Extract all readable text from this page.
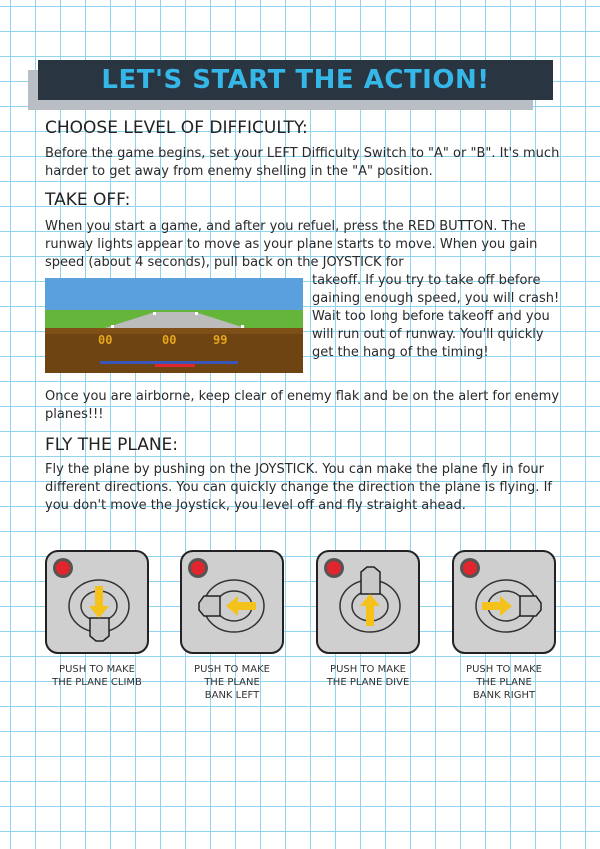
LET'S START THE ACTION!
CHOOSE LEVEL OF DIFFICULTY:

Before the game begins, set your LEFT Difficulty Switch to "A" or "B". It's much harder to get away from enemy shelling in the "A" position.

TAKE OFF:

When you start a game, and after you refuel, press the RED BUTTON. The runway lights appear to move as your plane starts to move. When you gain speed (about 4 seconds), pull back on the JOYSTICK for

00	00	99

takeoff. If you try to take off before gaining enough speed, you will crash! Wait too long before takeoff and you will run out of runway. You'll quickly get the hang of the timing!

Once you are airborne, keep clear of enemy flak and be on the alert for enemy planes!!!

FLY THE PLANE:

Fly the plane by pushing on the JOYSTICK. You can make the plane fly in four different directions. You can quickly change the direction the plane is flying. If you don't move the Joystick, you level off and fly straight ahead.

PUSH TO MAKE
THE PLANE CLIMB

PUSH TO MAKE
THE PLANE
BANK LEFT

PUSH TO MAKE
THE PLANE DIVE

PUSH TO MAKE
THE PLANE
BANK RIGHT
